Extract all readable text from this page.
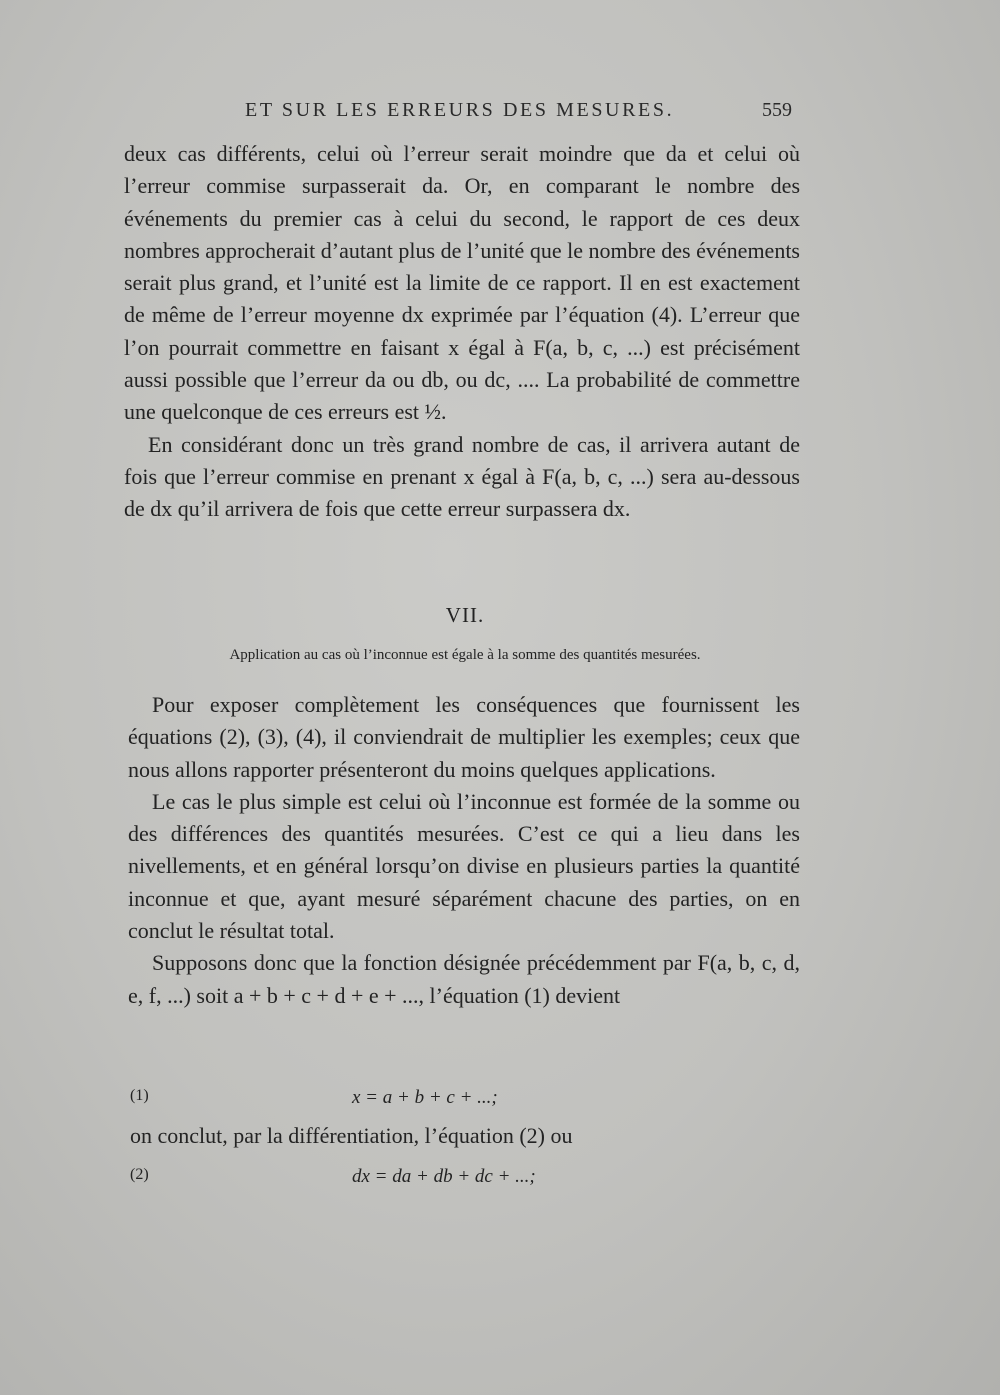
ET SUR LES ERREURS DES MESURES.	559

deux cas différents, celui où l’erreur serait moindre que da et celui où l’erreur commise surpasserait da. Or, en comparant le nombre des événements du premier cas à celui du second, le rapport de ces deux nombres approcherait d’autant plus de l’unité que le nombre des événements serait plus grand, et l’unité est la limite de ce rapport. Il en est exactement de même de l’erreur moyenne dx exprimée par l’équation (4). L’erreur que l’on pourrait commettre en faisant x égal à F(a, b, c, ...) est précisément aussi possible que l’erreur da ou db, ou dc, .... La probabilité de commettre une quelconque de ces erreurs est ½.

En considérant donc un très grand nombre de cas, il arrivera autant de fois que l’erreur commise en prenant x égal à F(a, b, c, ...) sera au-dessous de dx qu’il arrivera de fois que cette erreur surpassera dx.

VII.
Application au cas où l’inconnue est égale à la somme des quantités mesurées.

Pour exposer complètement les conséquences que fournissent les équations (2), (3), (4), il conviendrait de multiplier les exemples; ceux que nous allons rapporter présenteront du moins quelques applications.

Le cas le plus simple est celui où l’inconnue est formée de la somme ou des différences des quantités mesurées. C’est ce qui a lieu dans les nivellements, et en général lorsqu’on divise en plusieurs parties la quantité inconnue et que, ayant mesuré séparément chacune des parties, on en conclut le résultat total.

Supposons donc que la fonction désignée précédemment par F(a, b, c, d, e, f, ...) soit a + b + c + d + e + ..., l’équation (1) devient

(1)	x = a + b + c + ...;
on conclut, par la différentiation, l’équation (2) ou
(2)	dx = da + db + dc + ...;
